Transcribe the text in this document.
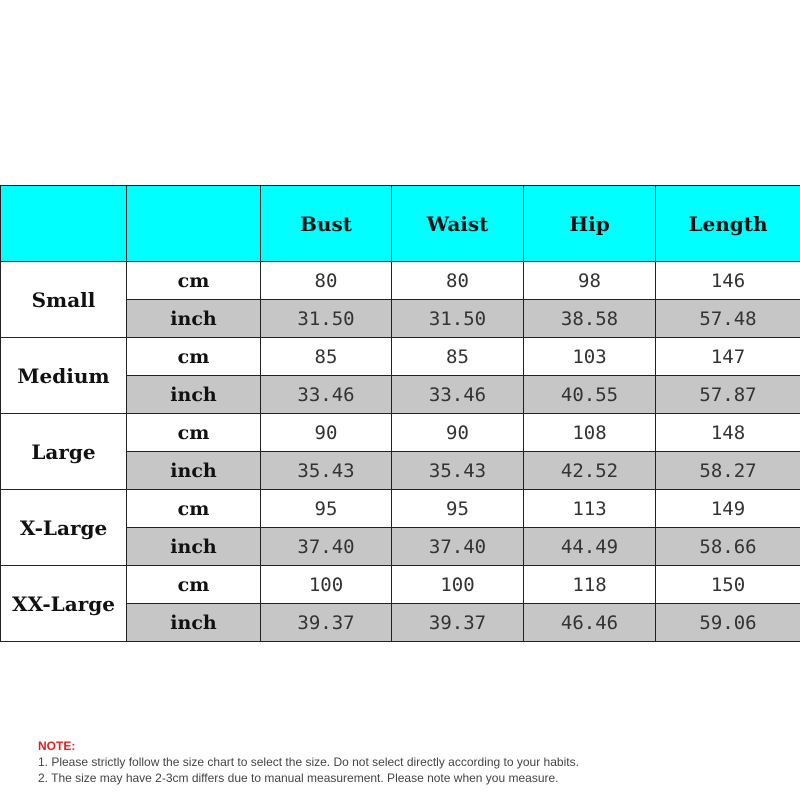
		Bust	Waist	Hip	Length
Small	cm	80	80	98	146
	inch	31.50	31.50	38.58	57.48
Medium	cm	85	85	103	147
	inch	33.46	33.46	40.55	57.87
Large	cm	90	90	108	148
	inch	35.43	35.43	42.52	58.27
X-Large	cm	95	95	113	149
	inch	37.40	37.40	44.49	58.66
XX-Large	cm	100	100	118	150
	inch	39.37	39.37	46.46	59.06
NOTE:
1. Please strictly follow the size chart to select the size. Do not select directly according to your habits.
2. The size may have 2-3cm differs due to manual measurement. Please note when you measure.
